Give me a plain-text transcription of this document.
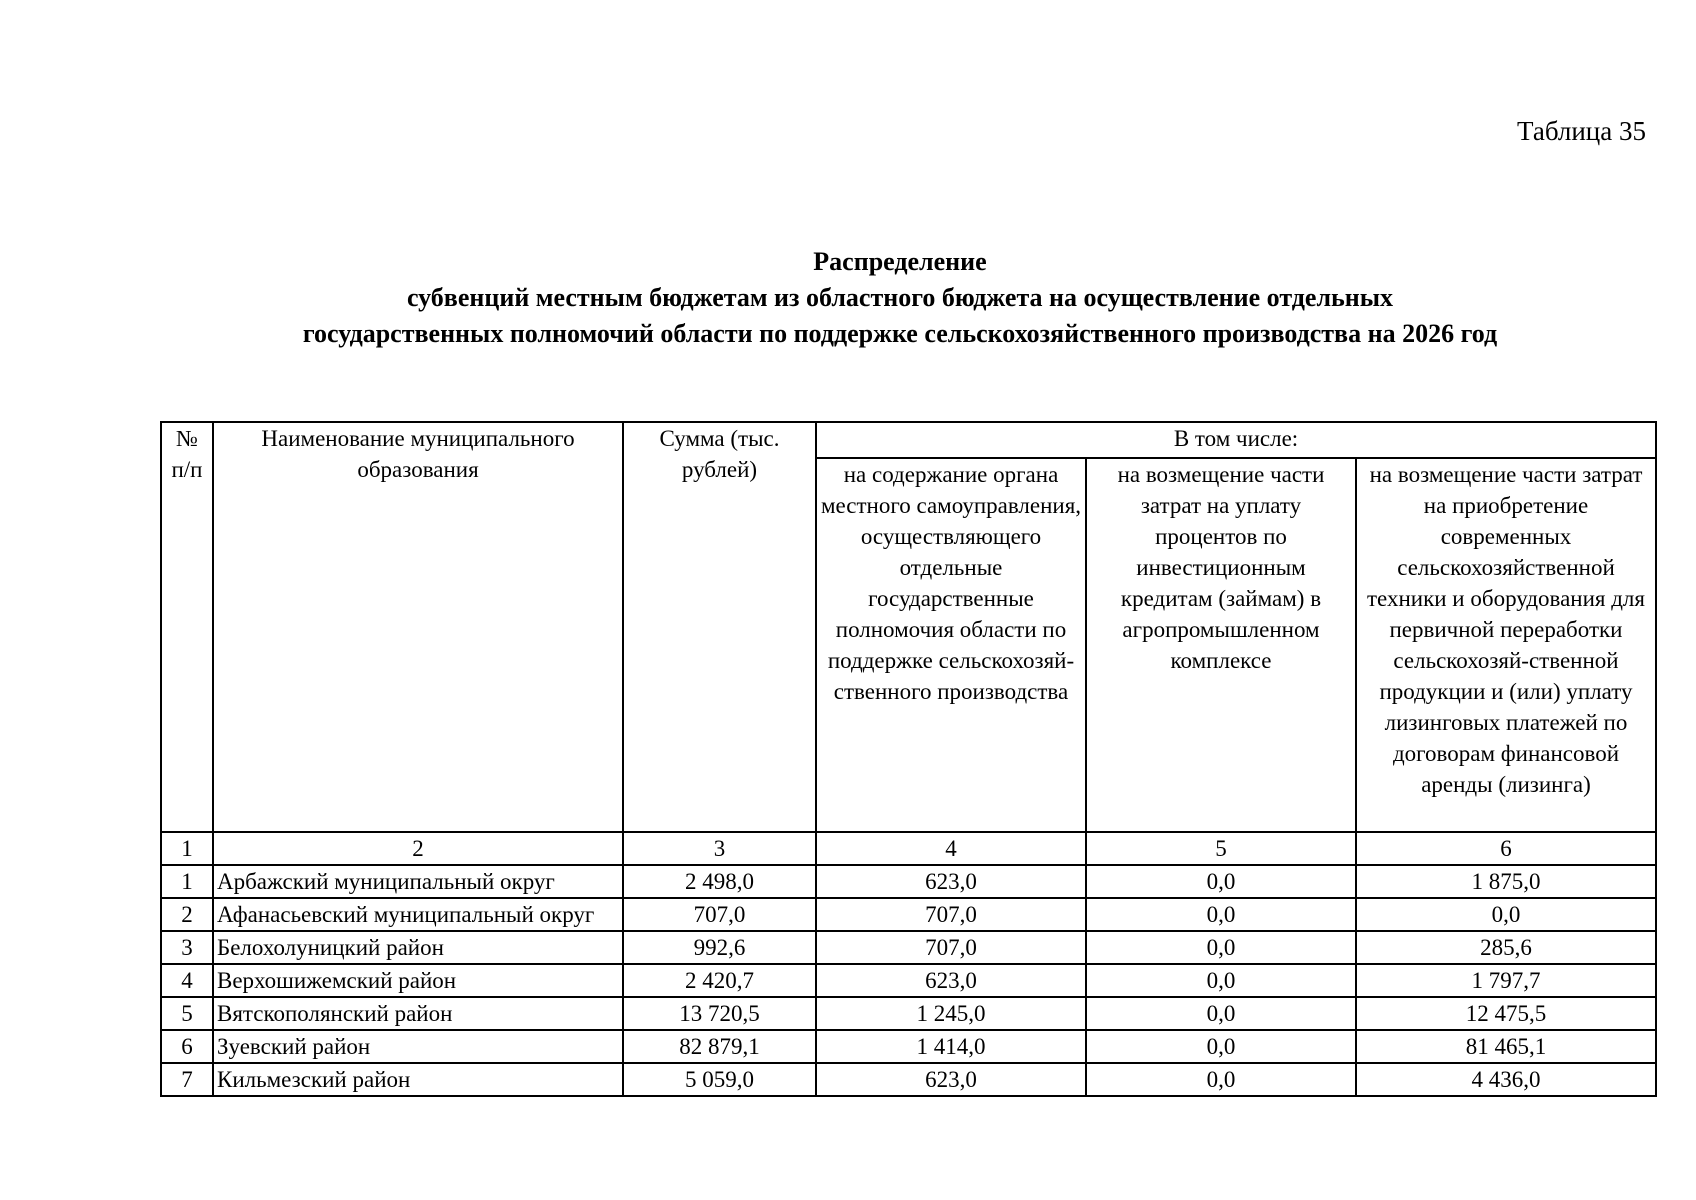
Таблица 35
Распределение
субвенций местным бюджетам из областного бюджета на осуществление отдельных
государственных полномочий области по поддержке сельскохозяйственного производства на 2026 год
№ п/п	Наименование муниципального образования	Сумма (тыс. рублей)	В том числе:		
			на содержание органа местного самоуправления, осуществляющего отдельные государственные полномочия области по поддержке сельскохозяй-ственного производства	на возмещение части затрат на уплату процентов по инвестиционным кредитам (займам) в агропромышленном комплексе	на возмещение части затрат на приобретение современных сельскохозяйственной техники и оборудования для первичной переработки сельскохозяй-ственной продукции и (или) уплату лизинговых платежей по договорам финансовой аренды (лизинга)
1	2	3	4	5	6
1	Арбажский муниципальный округ	2 498,0	623,0	0,0	1 875,0
2	Афанасьевский муниципальный округ	707,0	707,0	0,0	0,0
3	Белохолуницкий район	992,6	707,0	0,0	285,6
4	Верхошижемский район	2 420,7	623,0	0,0	1 797,7
5	Вятскополянский район	13 720,5	1 245,0	0,0	12 475,5
6	Зуевский район	82 879,1	1 414,0	0,0	81 465,1
7	Кильмезский район	5 059,0	623,0	0,0	4 436,0
